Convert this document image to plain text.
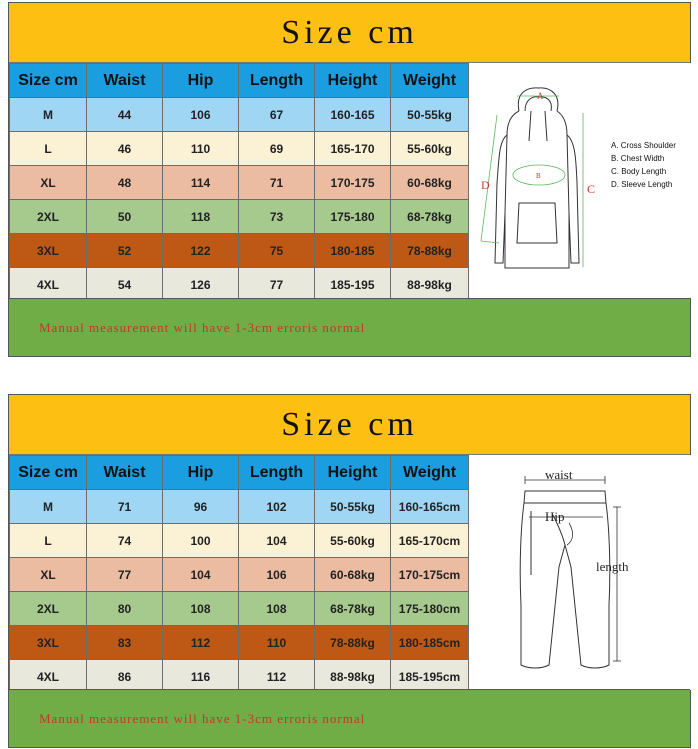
Size cm
Size cm	Waist	Hip	Length	Height	Weight
M	44	106	67	160-165	50-55kg
L	46	110	69	165-170	55-60kg
XL	48	114	71	170-175	60-68kg
2XL	50	118	73	175-180	68-78kg
3XL	52	122	75	180-185	78-88kg
4XL	54	126	77	185-195	88-98kg
A
B
C
D
A. Cross Shoulder
B. Chest Width
C. Body Length
D. Sleeve Length
Manual measurement will have 1-3cm erroris normal
Size cm
Size cm	Waist	Hip	Length	Height	Weight
M	71	96	102	50-55kg	160-165cm
L	74	100	104	55-60kg	165-170cm
XL	77	104	106	60-68kg	170-175cm
2XL	80	108	108	68-78kg	175-180cm
3XL	83	112	110	78-88kg	180-185cm
4XL	86	116	112	88-98kg	185-195cm
waist
Hip
length
Manual measurement will have 1-3cm erroris normal
